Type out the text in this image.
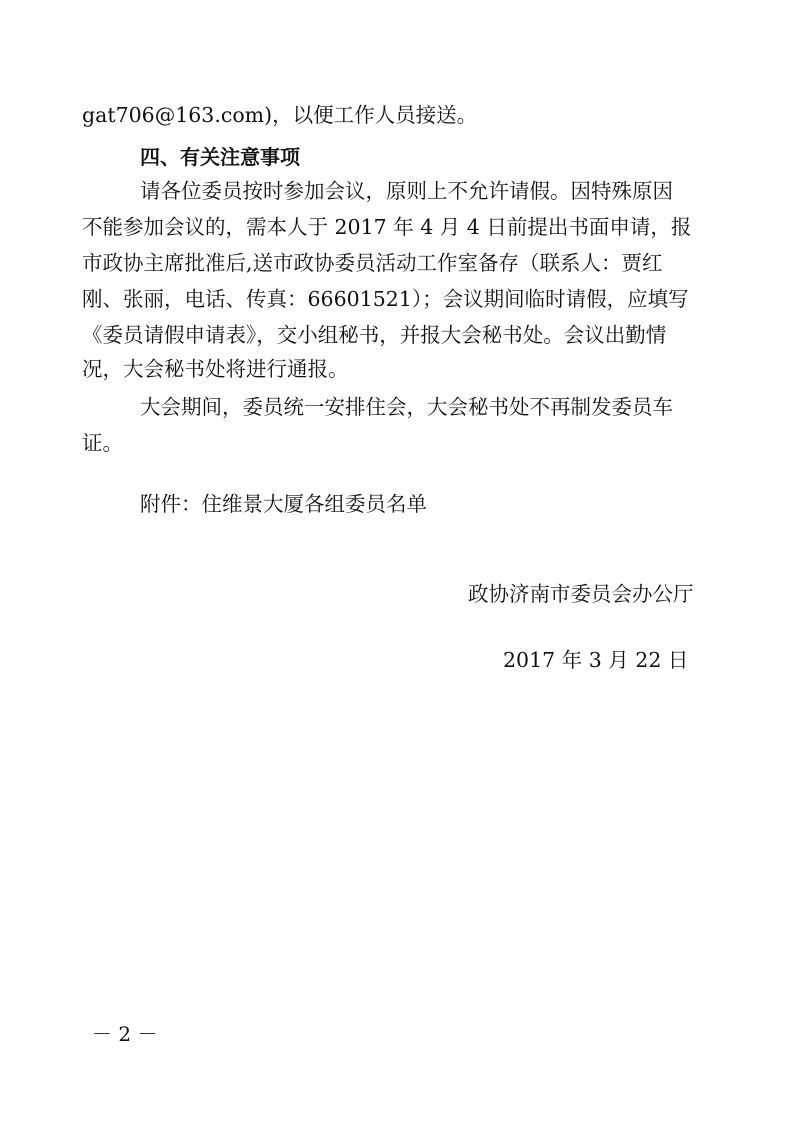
gat706@163.com)，以便工作人员接送。
四、有关注意事项
请各位委员按时参加会议，原则上不允许请假。因特殊原因
不能参加会议的，需本人于 2017 年 4 月 4 日前提出书面申请，报
市政协主席批准后,送市政协委员活动工作室备存（联系人：贾红
刚、张丽，电话、传真：66601521）；会议期间临时请假，应填写
《委员请假申请表》，交小组秘书，并报大会秘书处。会议出勤情
况，大会秘书处将进行通报。
大会期间，委员统一安排住会，大会秘书处不再制发委员车
证。
附件：住维景大厦各组委员名单
政协济南市委员会办公厅
2017 年 3 月 22 日
－ 2 －
